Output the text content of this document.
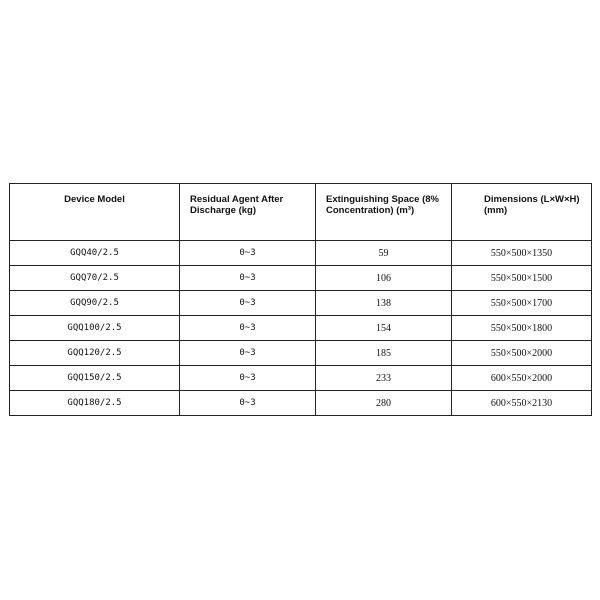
Device Model	Residual Agent After Discharge (kg)	Extinguishing Space (8% Concentration) (m³)	Dimensions (L×W×H) (mm)
GQQ40/2.5	0~3	59	550×500×1350
GQQ70/2.5	0~3	106	550×500×1500
GQQ90/2.5	0~3	138	550×500×1700
GQQ100/2.5	0~3	154	550×500×1800
GQQ120/2.5	0~3	185	550×500×2000
GQQ150/2.5	0~3	233	600×550×2000
GQQ180/2.5	0~3	280	600×550×2130
